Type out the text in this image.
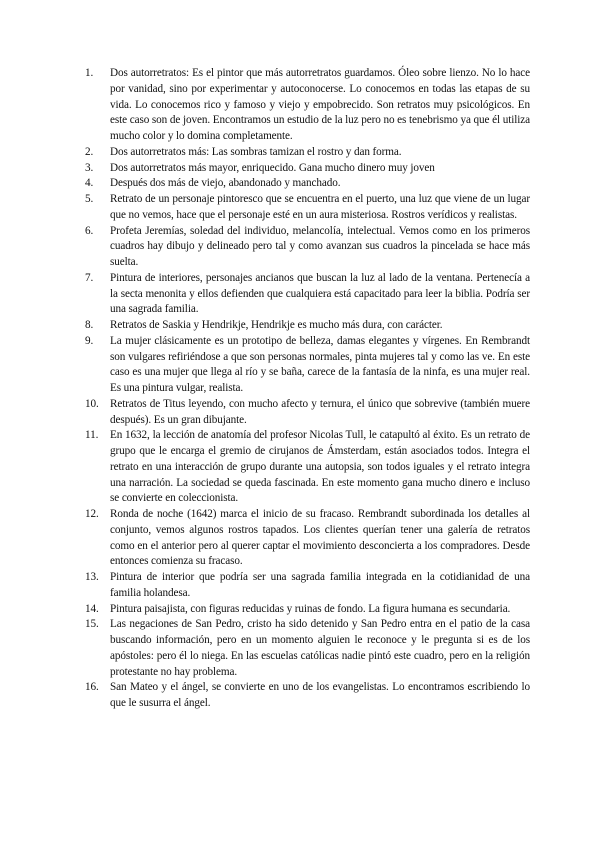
1. Dos autorretratos: Es el pintor que más autorretratos guardamos. Óleo sobre lienzo. No lo hace por vanidad, sino por experimentar y autoconocerse. Lo conocemos en todas las etapas de su vida. Lo conocemos rico y famoso y viejo y empobrecido. Son retratos muy psicológicos. En este caso son de joven. Encontramos un estudio de la luz pero no es tenebrismo ya que él utiliza mucho color y lo domina completamente.
2. Dos autorretratos más: Las sombras tamizan el rostro y dan forma.
3. Dos autorretratos más mayor, enriquecido. Gana mucho dinero muy joven
4. Después dos más de viejo, abandonado y manchado.
5. Retrato de un personaje pintoresco que se encuentra en el puerto, una luz que viene de un lugar que no vemos, hace que el personaje esté en un aura misteriosa. Rostros verídicos y realistas.
6. Profeta Jeremías, soledad del individuo, melancolía, intelectual. Vemos como en los primeros cuadros hay dibujo y delineado pero tal y como avanzan sus cuadros la pincelada se hace más suelta.
7. Pintura de interiores, personajes ancianos que buscan la luz al lado de la ventana. Pertenecía a la secta menonita y ellos defienden que cualquiera está capacitado para leer la biblia. Podría ser una sagrada familia.
8. Retratos de Saskia y Hendrikje, Hendrikje es mucho más dura, con carácter.
9. La mujer clásicamente es un prototipo de belleza, damas elegantes y vírgenes. En Rembrandt son vulgares refiriéndose a que son personas normales, pinta mujeres tal y como las ve. En este caso es una mujer que llega al río y se baña, carece de la fantasía de la ninfa, es una mujer real. Es una pintura vulgar, realista.
10. Retratos de Titus leyendo, con mucho afecto y ternura, el único que sobrevive (también muere después). Es un gran dibujante.
11. En 1632, la lección de anatomía del profesor Nicolas Tull, le catapultó al éxito. Es un retrato de grupo que le encarga el gremio de cirujanos de Ámsterdam, están asociados todos. Integra el retrato en una interacción de grupo durante una autopsia, son todos iguales y el retrato integra una narración. La sociedad se queda fascinada. En este momento gana mucho dinero e incluso se convierte en coleccionista.
12. Ronda de noche (1642) marca el inicio de su fracaso. Rembrandt subordinada los detalles al conjunto, vemos algunos rostros tapados. Los clientes querían tener una galería de retratos como en el anterior pero al querer captar el movimiento desconcierta a los compradores. Desde entonces comienza su fracaso.
13. Pintura de interior que podría ser una sagrada familia integrada en la cotidianidad de una familia holandesa.
14. Pintura paisajista, con figuras reducidas y ruinas de fondo. La figura humana es secundaria.
15. Las negaciones de San Pedro, cristo ha sido detenido y San Pedro entra en el patio de la casa buscando información, pero en un momento alguien le reconoce y le pregunta si es de los apóstoles: pero él lo niega. En las escuelas católicas nadie pintó este cuadro, pero en la religión protestante no hay problema.
16. San Mateo y el ángel, se convierte en uno de los evangelistas. Lo encontramos escribiendo lo que le susurra el ángel.
